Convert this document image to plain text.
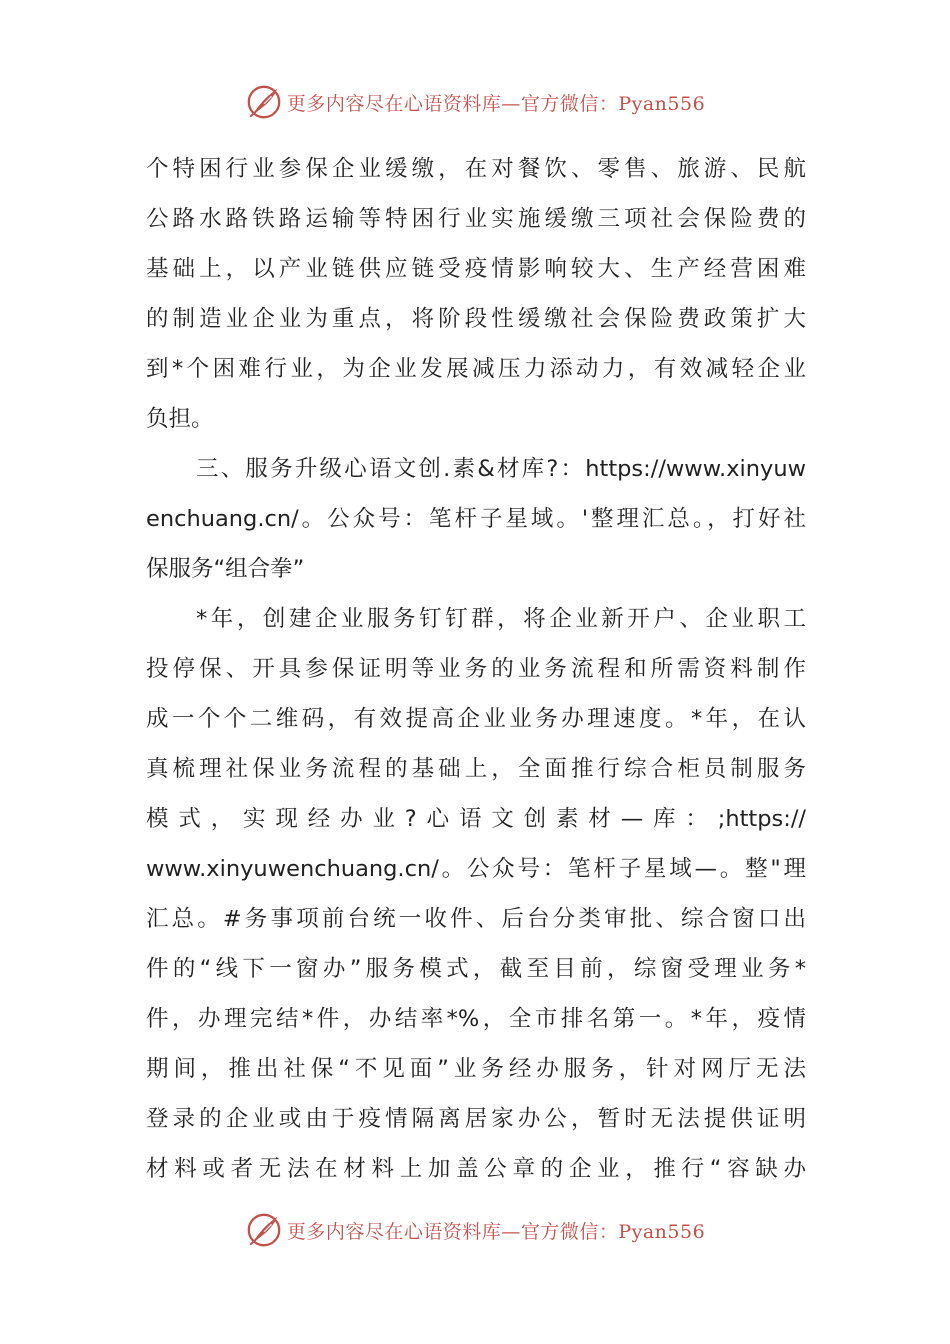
更多内容尽在心语资料库—官方微信：Pyan556
个特困行业参保企业缓缴，在对餐饮、零售、旅游、民航
公路水路铁路运输等特困行业实施缓缴三项社会保险费的
基础上，以产业链供应链受疫情影响较大、生产经营困难
的制造业企业为重点，将阶段性缓缴社会保险费政策扩大
到*个困难行业，为企业发展减压力添动力，有效减轻企业
负担。
三、服务升级心语文创.素&材库?：https://www.xinyuw
enchuang.cn/。公众号：笔杆子星域。'整理汇总。，打好社
保服务“组合拳”
*年，创建企业服务钉钉群，将企业新开户、企业职工
投停保、开具参保证明等业务的业务流程和所需资料制作
成一个个二维码，有效提高企业业务办理速度。*年，在认
真梳理社保业务流程的基础上，全面推行综合柜员制服务
模式，实现经办业?心语文创素材—库：;https://
www.xinyuwenchuang.cn/。公众号：笔杆子星域—。整"理
汇总。#务事项前台统一收件、后台分类审批、综合窗口出
件的“线下一窗办”服务模式，截至目前，综窗受理业务*
件，办理完结*件，办结率*%，全市排名第一。*年，疫情
期间，推出社保“不见面”业务经办服务，针对网厅无法
登录的企业或由于疫情隔离居家办公，暂时无法提供证明
材料或者无法在材料上加盖公章的企业，推行“容缺办
更多内容尽在心语资料库—官方微信：Pyan556
